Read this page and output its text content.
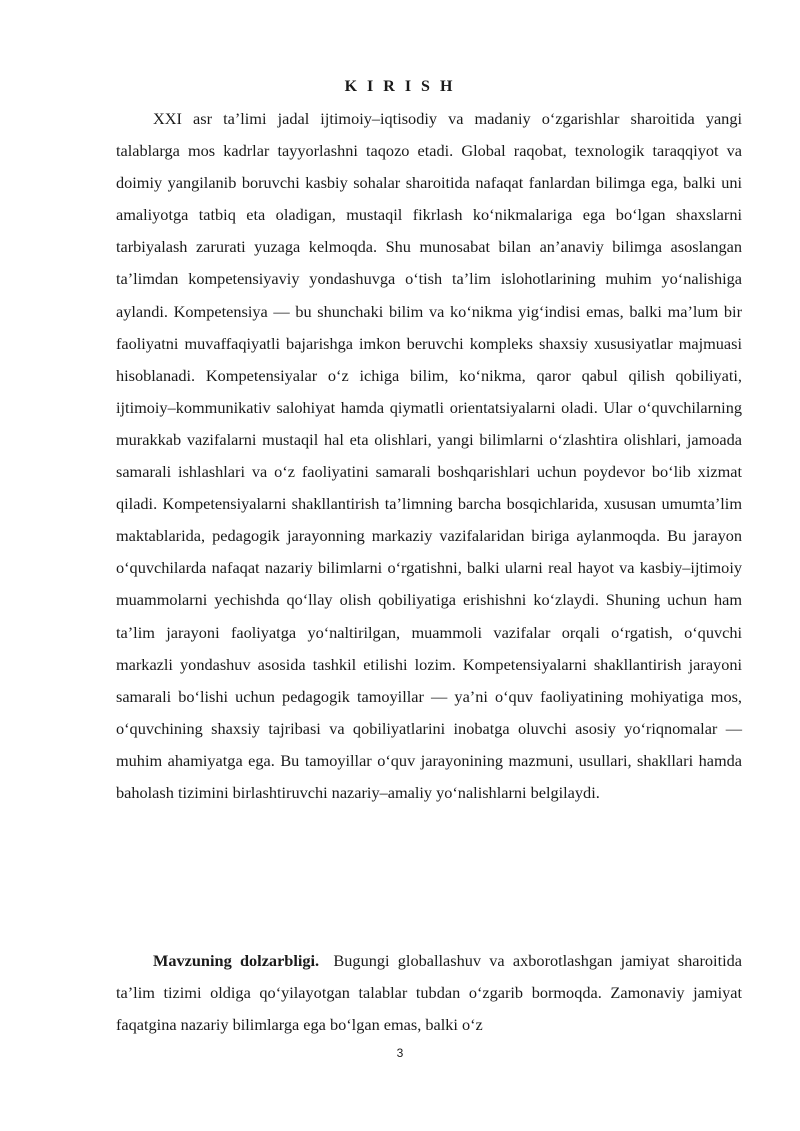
K I R I S H

XXI asr ta’limi jadal ijtimoiy–iqtisodiy va madaniy o‘zgarishlar sharoitida yangi talablarga mos kadrlar tayyorlashni taqozo etadi. Global raqobat, texnologik taraqqiyot va doimiy yangilanib boruvchi kasbiy sohalar sharoitida nafaqat fanlardan bilimga ega, balki uni amaliyotga tatbiq eta oladigan, mustaqil fikrlash ko‘nikmalariga ega bo‘lgan shaxslarni tarbiyalash zarurati yuzaga kelmoqda. Shu munosabat bilan an’anaviy bilimga asoslangan ta’limdan kompetensiyaviy yondashuvga o‘tish ta’lim islohotlarining muhim yo‘nalishiga aylandi. Kompetensiya — bu shunchaki bilim va ko‘nikma yig‘indisi emas, balki ma’lum bir faoliyatni muvaffaqiyatli bajarishga imkon beruvchi kompleks shaxsiy xususiyatlar majmuasi hisoblanadi. Kompetensiyalar o‘z ichiga bilim, ko‘nikma, qaror qabul qilish qobiliyati, ijtimoiy–kommunikativ salohiyat hamda qiymatli orientatsiyalarni oladi. Ular o‘quvchilarning murakkab vazifalarni mustaqil hal eta olishlari, yangi bilimlarni o‘zlashtira olishlari, jamoada samarali ishlashlari va o‘z faoliyatini samarali boshqarishlari uchun poydevor bo‘lib xizmat qiladi. Kompetensiyalarni shakllantirish ta’limning barcha bosqichlarida, xususan umumta’lim maktablarida, pedagogik jarayonning markaziy vazifalaridan biriga aylanmoqda. Bu jarayon o‘quvchilarda nafaqat nazariy bilimlarni o‘rgatishni, balki ularni real hayot va kasbiy–ijtimoiy muammolarni yechishda qo‘llay olish qobiliyatiga erishishni ko‘zlaydi. Shuning uchun ham ta’lim jarayoni faoliyatga yo‘naltirilgan, muammoli vazifalar orqali o‘rgatish, o‘quvchi markazli yondashuv asosida tashkil etilishi lozim. Kompetensiyalarni shakllantirish jarayoni samarali bo‘lishi uchun pedagogik tamoyillar — ya’ni o‘quv faoliyatining mohiyatiga mos, o‘quvchining shaxsiy tajribasi va qobiliyatlarini inobatga oluvchi asosiy yo‘riqnomalar — muhim ahamiyatga ega. Bu tamoyillar o‘quv jarayonining mazmuni, usullari, shakllari hamda baholash tizimini birlashtiruvchi nazariy–amaliy yo‘nalishlarni belgilaydi.

Mavzuning dolzarbligi. Bugungi globallashuv va axborotlashgan jamiyat sharoitida ta’lim tizimi oldiga qo‘yilayotgan talablar tubdan o‘zgarib bormoqda. Zamonaviy jamiyat faqatgina nazariy bilimlarga ega bo‘lgan emas, balki o‘z

3
